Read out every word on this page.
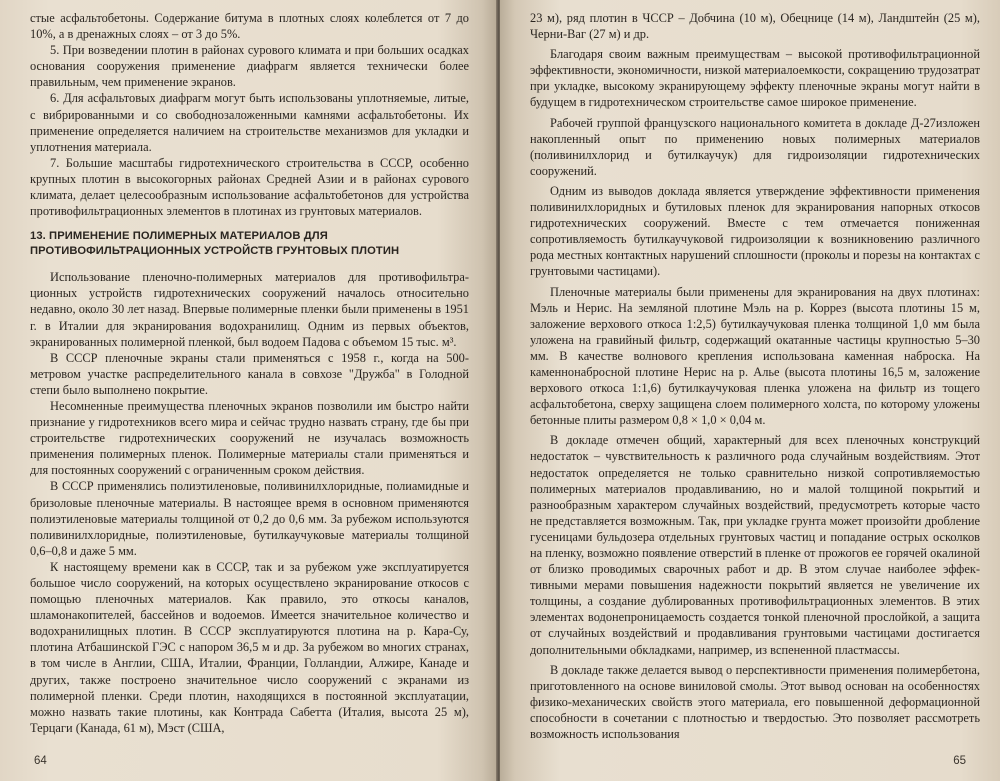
стые асфальтобетоны. Содержание битума в плотных слоях колеблется от 7 до 10%, а в дренажных слоях – от 3 до 5%.

5. При возведении плотин в районах сурового климата и при больших осадках основания сооружения применение диафрагм является технически более правильным, чем применение экранов.

6. Для асфальтовых диафрагм могут быть использованы уплотняемые, литые, с вибрированными и со свободнозаложенными камнями асфальтобетоны. Их применение определяется наличием на строительстве механизмов для укладки и уплотнения материала.

7. Большие масштабы гидротехнического строительства в СССР, особенно крупных плотин в высокогорных районах Средней Азии и в районах сурового климата, делает целесообразным использование асфальтобетонов для устройства противофильтрационных элементов в плотинах из грунтовых материалов.

13. ПРИМЕНЕНИЕ ПОЛИМЕРНЫХ МАТЕРИАЛОВ ДЛЯ ПРОТИВОФИЛЬТРАЦИОННЫХ УСТРОЙСТВ ГРУНТОВЫХ ПЛОТИН

Использование пленочно-полимерных материалов для противофильтрационных устройств гидротехнических сооружений началось относительно недавно, около 30 лет назад. Впервые полимерные пленки были применены в 1951 г. в Италии для экранирования водохранилищ. Одним из первых объектов, экранированных полимерной пленкой, был водоем Падова с объемом 15 тыс. м³.

В СССР пленочные экраны стали применяться с 1958 г., когда на 500-метровом участке распределительного канала в совхозе "Дружба" в Голодной степи было выполнено покрытие.

Несомненные преимущества пленочных экранов позволили им быстро найти признание у гидротехников всего мира и сейчас трудно назвать страну, где бы при строительстве гидротехнических сооружений не изучалась возможность применения полимерных пленок. Полимерные материалы стали применяться и для постоянных сооружений с ограниченным сроком действия.

В СССР применялись полиэтиленовые, поливинилхлоридные, полиамидные и бризоловые пленочные материалы. В настоящее время в основном применяются полиэтиленовые материалы толщиной от 0,2 до 0,6 мм. За рубежом используются поливинилхлоридные, полиэтиленовые, бутилкаучуковые материалы толщиной 0,6–0,8 и даже 5 мм.

К настоящему времени как в СССР, так и за рубежом уже эксплуатируется большое число сооружений, на которых осуществлено экранирование откосов с помощью пленочных материалов. Как правило, это откосы каналов, шламонакопителей, бассейнов и водоемов. Имеется значительное количество и водохранилищных плотин. В СССР эксплуатируются плотина на р. Кара-Су, плотина Атбашинской ГЭС с напором 36,5 м и др. За рубежом во многих странах, в том числе в Англии, США, Италии, Франции, Голландии, Алжире, Канаде и других, также построено значительное число сооружений с экранами из полимерной пленки. Среди плотин, находящихся в постоянной эксплуатации, можно назвать такие плотины, как Контрада Сабетта (Италия, высота 25 м), Терцаги (Канада, 61 м), Мэст (США,

64

23 м), ряд плотин в ЧССР – Добчина (10 м), Обецнице (14 м), Ландштейн (25 м), Черни-Ваг (27 м) и др.

Благодаря своим важным преимуществам – высокой противофильтрационной эффективности, экономичности, низкой материалоемкости, сокращению трудозатрат при укладке, высокому экранирующему эффекту пленочные экраны могут найти в будущем в гидротехническом строительстве самое широкое применение.

Рабочей группой французского национального комитета в докладе Д-27изложен накопленный опыт по применению новых полимерных материалов (поливинилхлорид и бутилкаучук) для гидроизоляции гидротехнических сооружений.

Одним из выводов доклада является утверждение эффективности применения поливинилхлоридных и бутиловых пленок для экранирования напорных откосов гидротехнических сооружений. Вместе с тем отмечается пониженная сопротивляемость бутилкаучуковой гидроизоляции к возникновению различного рода местных контактных нарушений сплошности (проколы и порезы на контактах с грунтовыми частицами).

Пленочные материалы были применены для экранирования на двух плотинах: Мэль и Нерис. На земляной плотине Мэль на р. Коррез (высота плотины 15 м, заложение верхового откоса 1:2,5) бутилкаучуковая пленка толщиной 1,0 мм была уложена на гравийный фильтр, содержащий окатанные частицы крупностью 5–30 мм. В качестве волнового крепления использована каменная наброска. На каменнонабросной плотине Нерис на р. Алье (высота плотины 16,5 м, заложение верхового откоса 1:1,6) бутилкаучуковая пленка уложена на фильтр из тощего асфальтобетона, сверху защищена слоем полимерного холста, по которому уложены бетонные плиты размером 0,8 × 1,0 × 0,04 м.

В докладе отмечен общий, характерный для всех пленочных конструкций недостаток – чувствительность к различного рода случайным воздействиям. Этот недостаток определяется не только сравнительно низкой сопротивляемостью полимерных материалов продавливанию, но и малой толщиной покрытий и разнообразным характером случайных воздействий, предусмотреть которые часто не представляется возможным. Так, при укладке грунта может произойти дробление гусеницами бульдозера отдельных грунтовых частиц и попадание острых осколков на пленку, возможно появление отверстий в пленке от прожогов ее горячей окалиной от близко проводимых сварочных работ и др. В этом случае наиболее эффективными мерами повышения надежности покрытий является не увеличение их толщины, а создание дублированных противофильтрационных элементов. В этих элементах водонепроницаемость создается тонкой пленочной прослойкой, а защита от случайных воздействий и продавливания грунтовыми частицами достигается дополнительными обкладками, например, из вспененной пластмассы.

В докладе также делается вывод о перспективности применения полимербетона, приготовленного на основе виниловой смолы. Этот вывод основан на особенностях физико-механических свойств этого материала, его повышенной деформационной способности в сочетании с плотностью и твердостью. Это позволяет рассмотреть возможность использования

65
